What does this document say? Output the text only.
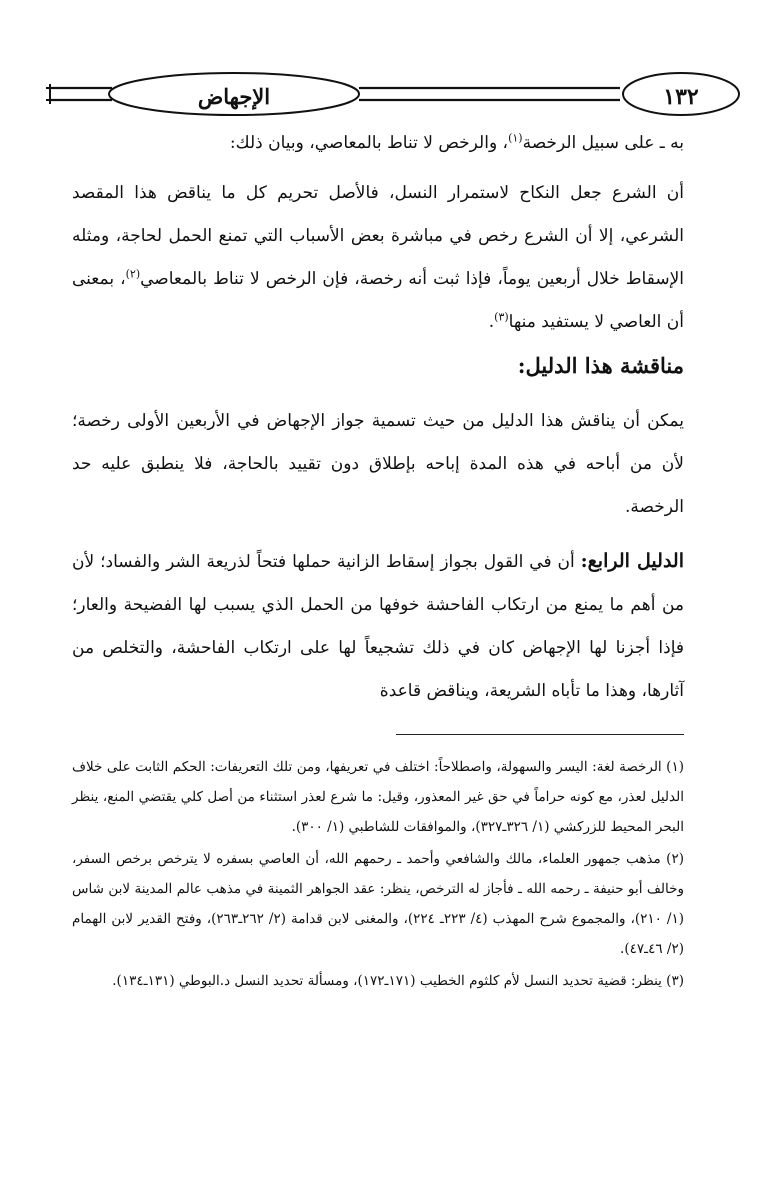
الإجهاض	١٣٢
به ـ على سبيل الرخصة$^{(١)}$، والرخص لا تناط بالمعاصي، وبيان ذلك:
أن الشرع جعل النكاح لاستمرار النسل، فالأصل تحريم كل ما يناقض هذا المقصد الشرعي، إلا أن الشرع رخص في مباشرة بعض الأسباب التي تمنع الحمل لحاجة، ومثله الإسقاط خلال أربعين يوماً، فإذا ثبت أنه رخصة، فإن الرخص لا تناط بالمعاصي$^{(٢)}$، بمعنى أن العاصي لا يستفيد منها$^{(٣)}$.
مناقشة هذا الدليل:
يمكن أن يناقش هذا الدليل من حيث تسمية جواز الإجهاض في الأربعين الأولى رخصة؛ لأن من أباحه في هذه المدة إباحه بإطلاق دون تقييد بالحاجة، فلا ينطبق عليه حد الرخصة.
الدليل الرابع: أن في القول بجواز إسقاط الزانية حملها فتحاً لذريعة الشر والفساد؛ لأن من أهم ما يمنع من ارتكاب الفاحشة خوفها من الحمل الذي يسبب لها الفضيحة والعار؛ فإذا أجزنا لها الإجهاض كان في ذلك تشجيعاً لها على ارتكاب الفاحشة، والتخلص من آثارها، وهذا ما تأباه الشريعة، ويناقض قاعدة

(١) الرخصة لغة: اليسر والسهولة، واصطلاحاً: اختلف في تعريفها، ومن تلك التعريفات: الحكم الثابت على خلاف الدليل لعذر، مع كونه حراماً في حق غير المعذور، وقيل: ما شرع لعذر استثناء من أصل كلي يقتضي المنع، ينظر البحر المحيط للزركشي (١/ ٣٢٦ـ٣٢٧)، والموافقات للشاطبي (١/ ٣٠٠).

(٢) مذهب جمهور العلماء، مالك والشافعي وأحمد ـ رحمهم الله، أن العاصي بسفره لا يترخص برخص السفر، وخالف أبو حنيفة ـ رحمه الله ـ فأجاز له الترخص، ينظر: عقد الجواهر الثمينة في مذهب عالم المدينة لابن شاس (١/ ٢١٠)، والمجموع شرح المهذب (٤/ ٢٢٣ـ ٢٢٤)، والمغنى لابن قدامة (٢/ ٢٦٢ـ٢٦٣)، وفتح القدير لابن الهمام (٢/ ٤٦ـ٤٧).

(٣) ينظر: قضية تحديد النسل لأم كلثوم الخطيب (١٧١ـ١٧٢)، ومسألة تحديد النسل د.البوطي (١٣١ـ١٣٤).
